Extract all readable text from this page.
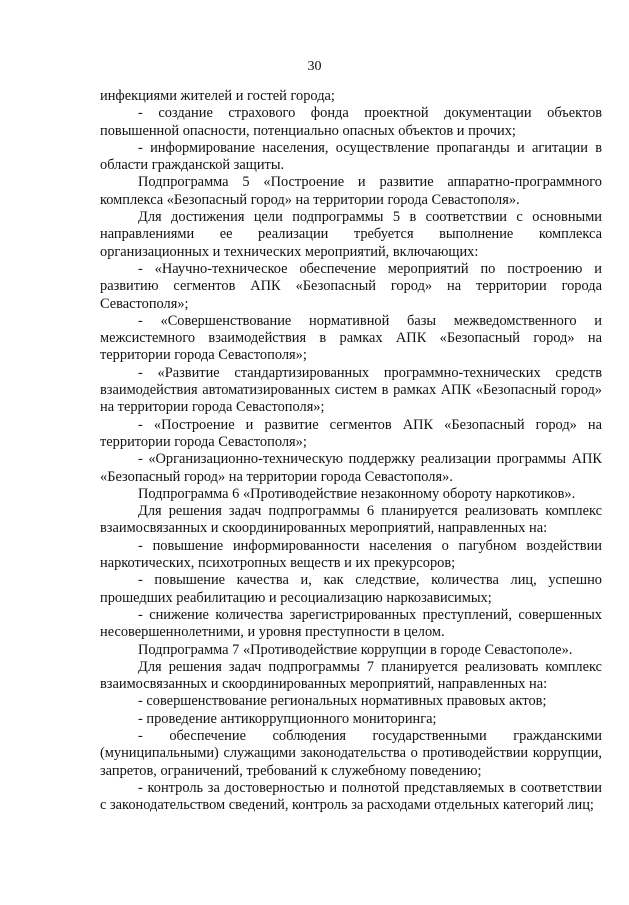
30

инфекциями жителей и гостей города;

- создание страхового фонда проектной документации объектов повышенной опасности, потенциально опасных объектов и прочих;

- информирование населения, осуществление пропаганды и агитации в области гражданской защиты.

Подпрограмма 5 «Построение и развитие аппаратно-программного комплекса «Безопасный город» на территории города Севастополя».

Для достижения цели подпрограммы 5 в соответствии с основными направлениями ее реализации требуется выполнение комплекса организационных и технических мероприятий, включающих:

- «Научно-техническое обеспечение мероприятий по построению и развитию сегментов АПК «Безопасный город» на территории города Севастополя»;

- «Совершенствование нормативной базы межведомственного и межсистемного взаимодействия в рамках АПК «Безопасный город» на территории города Севастополя»;

- «Развитие стандартизированных программно-технических средств взаимодействия автоматизированных систем в рамках АПК «Безопасный город» на территории города Севастополя»;

- «Построение и развитие сегментов АПК «Безопасный город» на территории города Севастополя»;

- «Организационно-техническую поддержку реализации программы АПК «Безопасный город» на территории города Севастополя».

Подпрограмма 6 «Противодействие незаконному обороту наркотиков».

Для решения задач подпрограммы 6 планируется реализовать комплекс взаимосвязанных и скоординированных мероприятий, направленных на:

- повышение информированности населения о пагубном воздействии наркотических, психотропных веществ и их прекурсоров;

- повышение качества и, как следствие, количества лиц, успешно прошедших реабилитацию и ресоциализацию наркозависимых;

- снижение количества зарегистрированных преступлений, совершенных несовершеннолетними, и уровня преступности в целом.

Подпрограмма 7 «Противодействие коррупции в городе Севастополе».

Для решения задач подпрограммы 7 планируется реализовать комплекс взаимосвязанных и скоординированных мероприятий, направленных на:

- совершенствование региональных нормативных правовых актов;

- проведение антикоррупционного мониторинга;

- обеспечение соблюдения государственными гражданскими (муниципальными) служащими законодательства о противодействии коррупции, запретов, ограничений, требований к служебному поведению;

- контроль за достоверностью и полнотой представляемых в соответствии с законодательством сведений, контроль за расходами отдельных категорий лиц;
